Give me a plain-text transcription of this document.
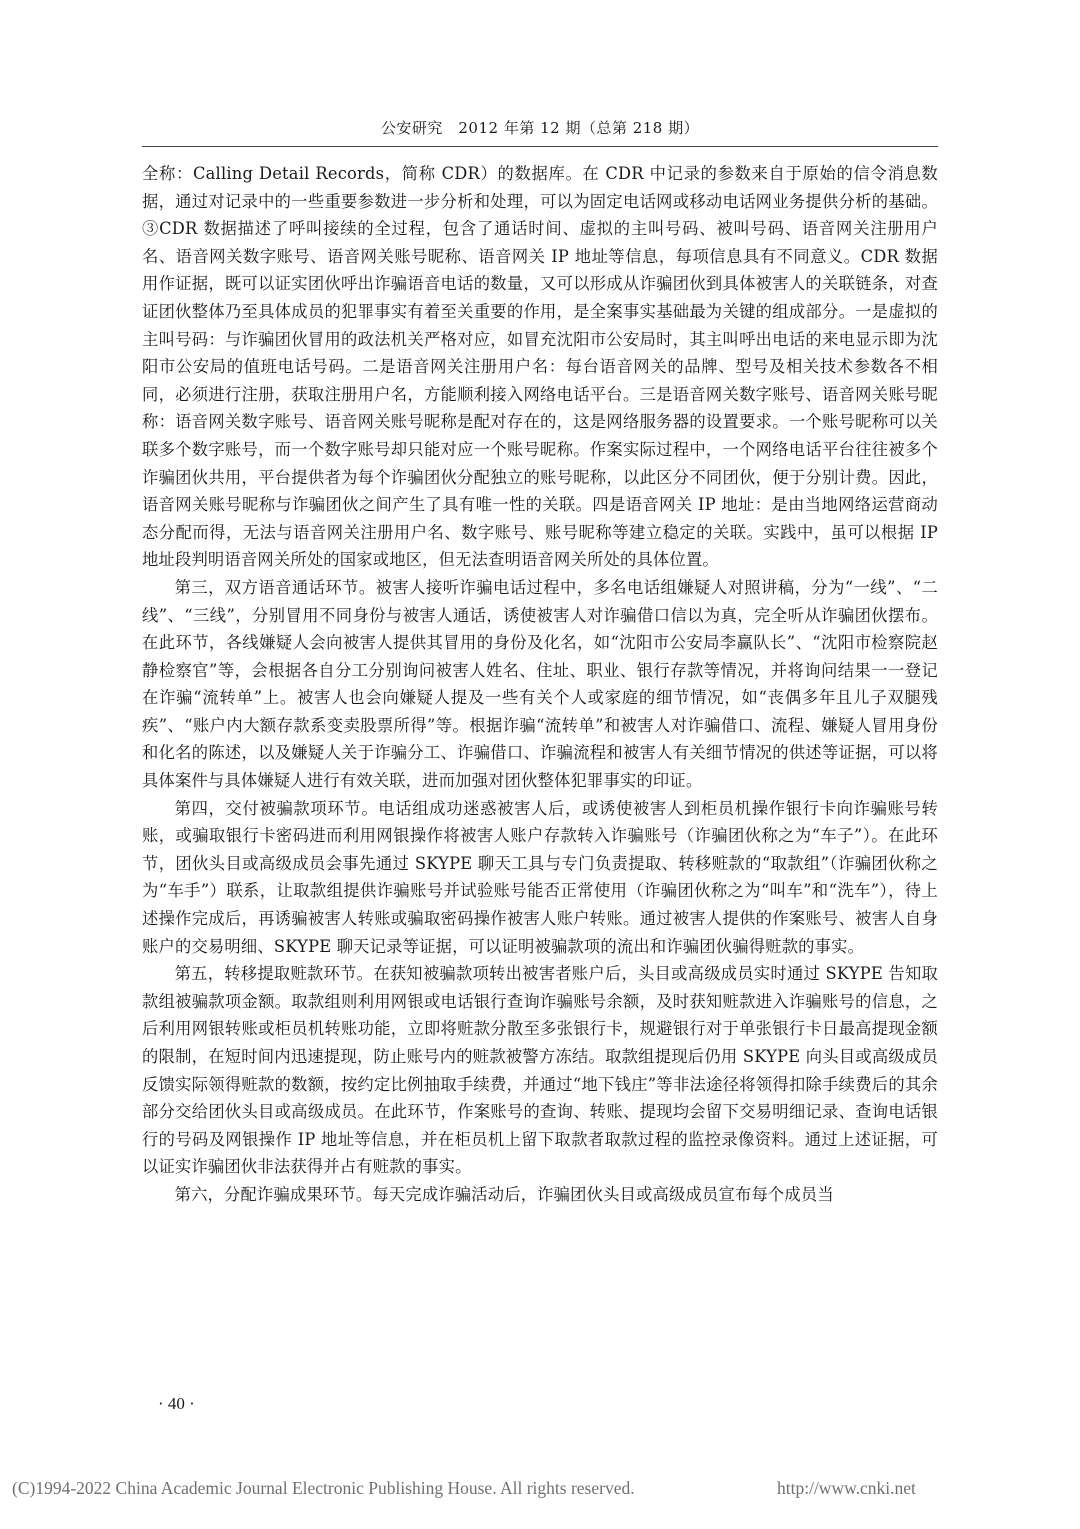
公安研究　2012 年第 12 期（总第 218 期）

全称：Calling Detail Records，简称 CDR）的数据库。在 CDR 中记录的参数来自于原始的信令消息数据，通过对记录中的一些重要参数进一步分析和处理，可以为固定电话网或移动电话网业务提供分析的基础。③CDR 数据描述了呼叫接续的全过程，包含了通话时间、虚拟的主叫号码、被叫号码、语音网关注册用户名、语音网关数字账号、语音网关账号昵称、语音网关 IP 地址等信息，每项信息具有不同意义。CDR 数据用作证据，既可以证实团伙呼出诈骗语音电话的数量，又可以形成从诈骗团伙到具体被害人的关联链条，对查证团伙整体乃至具体成员的犯罪事实有着至关重要的作用，是全案事实基础最为关键的组成部分。一是虚拟的主叫号码：与诈骗团伙冒用的政法机关严格对应，如冒充沈阳市公安局时，其主叫呼出电话的来电显示即为沈阳市公安局的值班电话号码。二是语音网关注册用户名：每台语音网关的品牌、型号及相关技术参数各不相同，必须进行注册，获取注册用户名，方能顺利接入网络电话平台。三是语音网关数字账号、语音网关账号昵称：语音网关数字账号、语音网关账号昵称是配对存在的，这是网络服务器的设置要求。一个账号昵称可以关联多个数字账号，而一个数字账号却只能对应一个账号昵称。作案实际过程中，一个网络电话平台往往被多个诈骗团伙共用，平台提供者为每个诈骗团伙分配独立的账号昵称，以此区分不同团伙，便于分别计费。因此，语音网关账号昵称与诈骗团伙之间产生了具有唯一性的关联。四是语音网关 IP 地址：是由当地网络运营商动态分配而得，无法与语音网关注册用户名、数字账号、账号昵称等建立稳定的关联。实践中，虽可以根据 IP 地址段判明语音网关所处的国家或地区，但无法查明语音网关所处的具体位置。

第三，双方语音通话环节。被害人接听诈骗电话过程中，多名电话组嫌疑人对照讲稿，分为“一线”、“二线”、“三线”，分别冒用不同身份与被害人通话，诱使被害人对诈骗借口信以为真，完全听从诈骗团伙摆布。在此环节，各线嫌疑人会向被害人提供其冒用的身份及化名，如“沈阳市公安局李赢队长”、“沈阳市检察院赵静检察官”等，会根据各自分工分别询问被害人姓名、住址、职业、银行存款等情况，并将询问结果一一登记在诈骗“流转单”上。被害人也会向嫌疑人提及一些有关个人或家庭的细节情况，如“丧偶多年且儿子双腿残疾”、“账户内大额存款系变卖股票所得”等。根据诈骗“流转单”和被害人对诈骗借口、流程、嫌疑人冒用身份和化名的陈述，以及嫌疑人关于诈骗分工、诈骗借口、诈骗流程和被害人有关细节情况的供述等证据，可以将具体案件与具体嫌疑人进行有效关联，进而加强对团伙整体犯罪事实的印证。

第四，交付被骗款项环节。电话组成功迷惑被害人后，或诱使被害人到柜员机操作银行卡向诈骗账号转账，或骗取银行卡密码进而利用网银操作将被害人账户存款转入诈骗账号（诈骗团伙称之为“车子”）。在此环节，团伙头目或高级成员会事先通过 SKYPE 聊天工具与专门负责提取、转移赃款的“取款组”（诈骗团伙称之为“车手”）联系，让取款组提供诈骗账号并试验账号能否正常使用（诈骗团伙称之为“叫车”和“洗车”），待上述操作完成后，再诱骗被害人转账或骗取密码操作被害人账户转账。通过被害人提供的作案账号、被害人自身账户的交易明细、SKYPE 聊天记录等证据，可以证明被骗款项的流出和诈骗团伙骗得赃款的事实。

第五，转移提取赃款环节。在获知被骗款项转出被害者账户后，头目或高级成员实时通过 SKYPE 告知取款组被骗款项金额。取款组则利用网银或电话银行查询诈骗账号余额，及时获知赃款进入诈骗账号的信息，之后利用网银转账或柜员机转账功能，立即将赃款分散至多张银行卡，规避银行对于单张银行卡日最高提现金额的限制，在短时间内迅速提现，防止账号内的赃款被警方冻结。取款组提现后仍用 SKYPE 向头目或高级成员反馈实际领得赃款的数额，按约定比例抽取手续费，并通过“地下钱庄”等非法途径将领得扣除手续费后的其余部分交给团伙头目或高级成员。在此环节，作案账号的查询、转账、提现均会留下交易明细记录、查询电话银行的号码及网银操作 IP 地址等信息，并在柜员机上留下取款者取款过程的监控录像资料。通过上述证据，可以证实诈骗团伙非法获得并占有赃款的事实。

第六，分配诈骗成果环节。每天完成诈骗活动后，诈骗团伙头目或高级成员宣布每个成员当

· 40 ·
(C)1994-2022 China Academic Journal Electronic Publishing House. All rights reserved.	http://www.cnki.net
